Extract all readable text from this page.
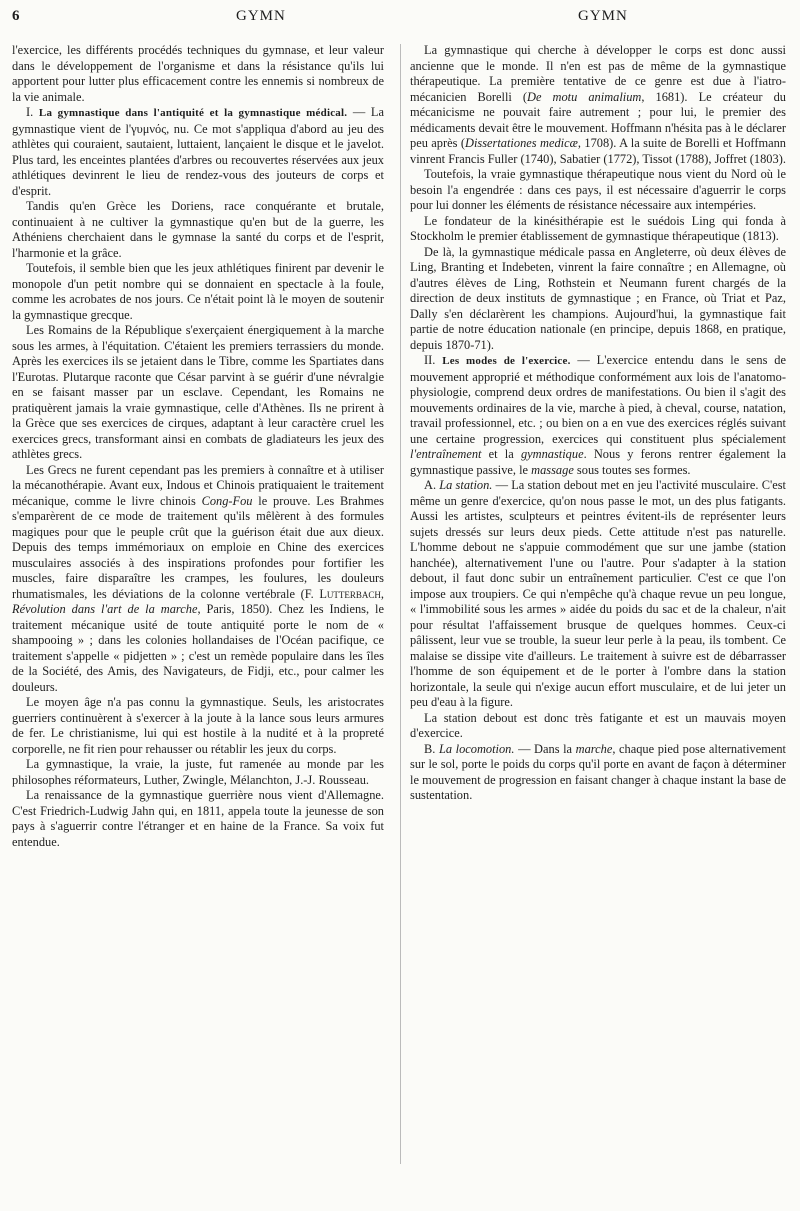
6	GYMN	GYMN

l'exercice, les différents procédés techniques du gymnase, et leur valeur dans le développement de l'organisme et dans la résistance qu'ils lui apportent pour lutter plus efficacement contre les ennemis si nombreux de la vie animale.

I. La gymnastique dans l'antiquité et la gymnastique médical. — La gymnastique vient de l'γυμνός, nu. Ce mot s'appliqua d'abord au jeu des athlètes qui couraient, sautaient, luttaient, lançaient le disque et le javelot. Plus tard, les enceintes plantées d'arbres ou recouvertes réservées aux jeux athlétiques devinrent le lieu de rendez-vous des jouteurs de corps et d'esprit.

Tandis qu'en Grèce les Doriens, race conquérante et brutale, continuaient à ne cultiver la gymnastique qu'en but de la guerre, les Athéniens cherchaient dans le gymnase la santé du corps et de l'esprit, l'harmonie et la grâce.

Toutefois, il semble bien que les jeux athlétiques finirent par devenir le monopole d'un petit nombre qui se donnaient en spectacle à la foule, comme les acrobates de nos jours. Ce n'était point là le moyen de soutenir la gymnastique grecque.

Les Romains de la République s'exerçaient énergiquement à la marche sous les armes, à l'équitation. C'étaient les premiers terrassiers du monde. Après les exercices ils se jetaient dans le Tibre, comme les Spartiates dans l'Eurotas. Plutarque raconte que César parvint à se guérir d'une névralgie en se faisant masser par un esclave. Cependant, les Romains ne pratiquèrent jamais la vraie gymnastique, celle d'Athènes. Ils ne prirent à la Grèce que ses exercices de cirques, adaptant à leur caractère cruel les exercices grecs, transformant ainsi en combats de gladiateurs les jeux des athlètes grecs.

Les Grecs ne furent cependant pas les premiers à connaître et à utiliser la mécanothérapie. Avant eux, Indous et Chinois pratiquaient le traitement mécanique, comme le livre chinois Cong-Fou le prouve. Les Brahmes s'emparèrent de ce mode de traitement qu'ils mêlèrent à des formules magiques pour que le peuple crût que la guérison était due aux dieux. Depuis des temps immémoriaux on emploie en Chine des exercices musculaires associés à des inspirations profondes pour fortifier les muscles, faire disparaître les crampes, les foulures, les douleurs rhumatismales, les déviations de la colonne vertébrale (F. Lutterbach, Révolution dans l'art de la marche, Paris, 1850). Chez les Indiens, le traitement mécanique usité de toute antiquité porte le nom de « shampooing » ; dans les colonies hollandaises de l'Océan pacifique, ce traitement s'appelle « pidjetten » ; c'est un remède populaire dans les îles de la Société, des Amis, des Navigateurs, de Fidji, etc., pour calmer les douleurs.

Le moyen âge n'a pas connu la gymnastique. Seuls, les aristocrates guerriers continuèrent à s'exercer à la joute à la lance sous leurs armures de fer. Le christianisme, lui qui est hostile à la nudité et à la propreté corporelle, ne fit rien pour rehausser ou rétablir les jeux du corps.

La gymnastique, la vraie, la juste, fut ramenée au monde par les philosophes réformateurs, Luther, Zwingle, Mélanchton, J.-J. Rousseau.

La renaissance de la gymnastique guerrière nous vient d'Allemagne. C'est Friedrich-Ludwig Jahn qui, en 1811, appela toute la jeunesse de son pays à s'aguerrir contre l'étranger et en haine de la France. Sa voix fut entendue.

La gymnastique qui cherche à développer le corps est donc aussi ancienne que le monde. Il n'en est pas de même de la gymnastique thérapeutique. La première tentative de ce genre est due à l'iatro-mécanicien Borelli (De motu animalium, 1681). Le créateur du mécanicisme ne pouvait faire autrement ; pour lui, le premier des médicaments devait être le mouvement. Hoffmann n'hésita pas à le déclarer peu après (Dissertationes medicæ, 1708). A la suite de Borelli et Hoffmann vinrent Francis Fuller (1740), Sabatier (1772), Tissot (1788), Joffret (1803).

Toutefois, la vraie gymnastique thérapeutique nous vient du Nord où le besoin l'a engendrée : dans ces pays, il est nécessaire d'aguerrir le corps pour lui donner les éléments de résistance nécessaire aux intempéries.

Le fondateur de la kinésithérapie est le suédois Ling qui fonda à Stockholm le premier établissement de gymnastique thérapeutique (1813).

De là, la gymnastique médicale passa en Angleterre, où deux élèves de Ling, Branting et Indebeten, vinrent la faire connaître ; en Allemagne, où d'autres élèves de Ling, Rothstein et Neumann furent chargés de la direction de deux instituts de gymnastique ; en France, où Triat et Paz, Dally s'en déclarèrent les champions. Aujourd'hui, la gymnastique fait partie de notre éducation nationale (en principe, depuis 1868, en pratique, depuis 1870-71).

II. Les modes de l'exercice. — L'exercice entendu dans le sens de mouvement approprié et méthodique conformément aux lois de l'anatomo-physiologie, comprend deux ordres de manifestations. Ou bien il s'agit des mouvements ordinaires de la vie, marche à pied, à cheval, course, natation, travail professionnel, etc. ; ou bien on a en vue des exercices réglés suivant une certaine progression, exercices qui constituent plus spécialement l'entraînement et la gymnastique. Nous y ferons rentrer également la gymnastique passive, le massage sous toutes ses formes.

A. La station. — La station debout met en jeu l'activité musculaire. C'est même un genre d'exercice, qu'on nous passe le mot, un des plus fatigants. Aussi les artistes, sculpteurs et peintres évitent-ils de représenter leurs sujets dressés sur leurs deux pieds. Cette attitude n'est pas naturelle. L'homme debout ne s'appuie commodément que sur une jambe (station hanchée), alternativement l'une ou l'autre. Pour s'adapter à la station debout, il faut donc subir un entraînement particulier. C'est ce que l'on impose aux troupiers. Ce qui n'empêche qu'à chaque revue un peu longue, « l'immobilité sous les armes » aidée du poids du sac et de la chaleur, n'ait pour résultat l'affaissement brusque de quelques hommes. Ceux-ci pâlissent, leur vue se trouble, la sueur leur perle à la peau, ils tombent. Ce malaise se dissipe vite d'ailleurs. Le traitement à suivre est de débarrasser l'homme de son équipement et de le porter à l'ombre dans la station horizontale, la seule qui n'exige aucun effort musculaire, et de lui jeter un peu d'eau à la figure.

La station debout est donc très fatigante et est un mauvais moyen d'exercice.

B. La locomotion. — Dans la marche, chaque pied pose alternativement sur le sol, porte le poids du corps qu'il porte en avant de façon à déterminer le mouvement de progression en faisant changer à chaque instant la base de sustentation.
